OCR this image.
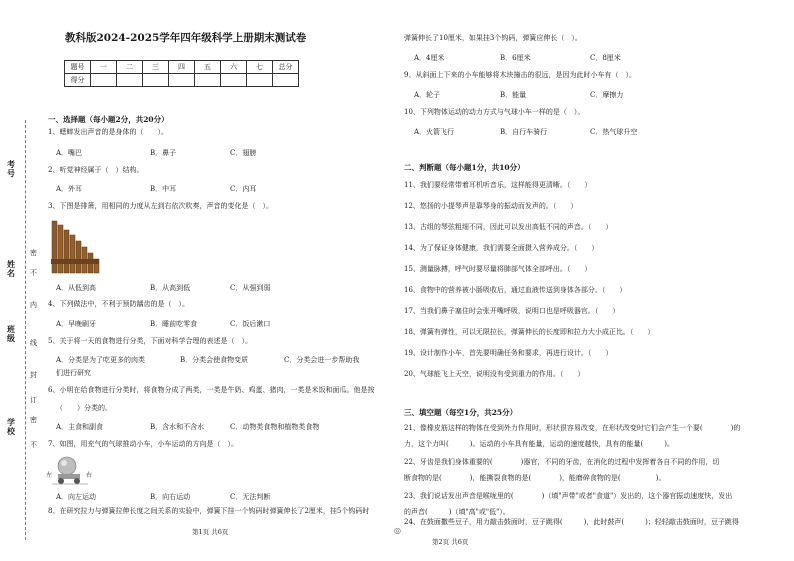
考号
姓名
班级
学校
密
不
内
线
封
订
密
不
教科版2024-2025学年四年级科学上册期末测试卷
题号	一	二	三	四	五	六	七	总分
得分								
一、选择题（每小题2分，共20分）
1、蟋蟀发出声音的是身体的（　　）。
A．嘴巴	B．鼻子	C．翅膀
2、听觉神经属于（　）结构。
A．外耳	B．中耳	C．内耳
3、下图是排箫，用相同的力度从左到右依次吹奏，声音的变化是（　）。
A．从低到高	B．从高到低	C．从强到弱
4、下列做法中，不利于预防龋齿的是（　）。
A．早晚刷牙	B．睡前吃零食	C．饭后漱口
5、关于将一天的食物进行分类，下面对科学合理的表述是（　）。
A．分类是为了吃更多的肉类	B．分类会使食物变质	C．分类会进一步帮助我
们进行研究
6、小明在给食物进行分类时，将食物分成了两类，一类是牛奶、鸡蛋、猪肉，一类是米饭和面瓜。他是按
（　　）分类的。
A．主食和副食	B．含水和不含水	C．动物类食物和植物类食物
7、如图，用充气的气球推动小车，小车运动的方向是（　）。
左	右
A．向左运动	B．向右运动	C．无法判断
8、在研究拉力与弹簧拉伸长度之间关系的实验中，弹簧下挂一个钩码时弹簧伸长了2厘米，挂5个钩码时
第1页 共6页	◎
弹簧伸长了10厘米，如果挂3个钩码，弹簧应伸长（　）。
A．4厘米	B．6厘米	C．8厘米
9、从斜面上下来的小车能够将木块撞击的很远，是因为此时小车有（　）。
A．轮子	B．能量	C．摩擦力
10、下列物体运动的动力方式与气球小车一样的是（　）。
A．火箭飞行	B．自行车骑行	C．热气球升空
二、判断题（每小题1分，共10分）
11、我们要经常带着耳机听音乐，这样能得更清晰。（　　）
12、悠扬的小提琴声是靠琴身的振动而发声的。（　　）
13、古组的琴弦粗细不同，因此可以发出高低不同的声音。（　　）
14、为了保证身体健康，我们需要全面摄入营养成分。（　　）
15、测量脉搏，呼气时要尽量将肺部气体全部呼出。（　　）
16、食物中的营养被小肠吸收后，通过血液传送到身体各部分。（　　）
17、当我们鼻子塞住时会张开嘴呼吸，说明口也是呼吸器官。（　　）
18、弹簧有弹性，可以无限拉长，弹簧伸长的长度即和拉力大小成正比。（　　）
19、设计制作小车，首先要明确任务和要求，再进行设计。（　　）
20、气球能飞上天空，说明没有受到重力的作用。（　　）
三、填空题（每空1分，共25分）
21、像橡皮筋这样的物体在受到外力作用时，形状很容易改变，在形状改变时它们会产生一个要(　　　　)的
力，这个力叫(　　　)。运动的小车具有能量，运动的速度越快，具有的能量(　　　)。
22、牙齿是我们身体重要的(　　　　)器官，不同的牙齿，在消化的过程中发挥着各自不同的作用，切
断食物的是(　　　　)，能撕裂食物的是(　　　　)，能磨碎食物的是(　　　　　)。
23、我们说话发出声音是喉咙里的(　　　　)（填"声带"或者"食道"）发出的，这个器官振动速度快，发出
的声音(　　　)（填"高"或"低"）。
24、在鼓面撒些豆子，用力敲击鼓面时，豆子跳得(　　　)，此时鼓声(　　　)；轻轻敲击鼓面时，豆子跳得
第2页 共6页
